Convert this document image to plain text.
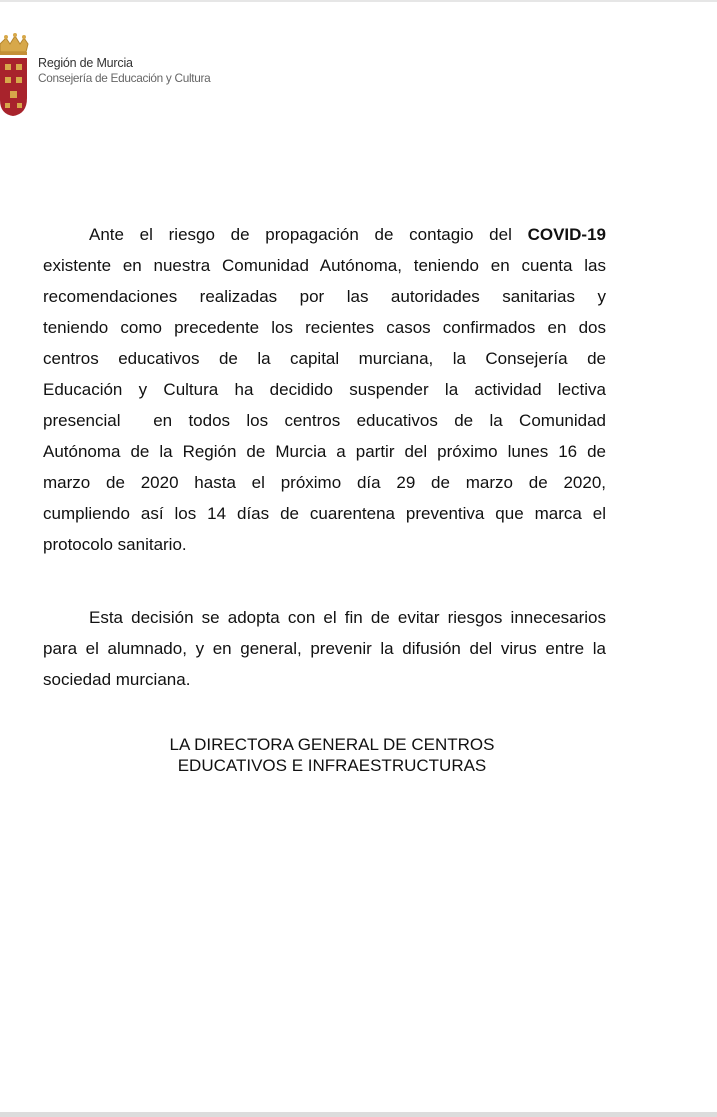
Región de Murcia
Consejería de Educación y Cultura
Ante el riesgo de propagación de contagio del COVID-19
existente en nuestra Comunidad Autónoma, teniendo en cuenta las
recomendaciones realizadas por las autoridades sanitarias y
teniendo como precedente los recientes casos confirmados en dos
centros educativos de la capital murciana, la Consejería de
Educación y Cultura ha decidido suspender la actividad lectiva
presencial  en todos los centros educativos de la Comunidad
Autónoma de la Región de Murcia a partir del próximo lunes 16 de
marzo de 2020 hasta el próximo día 29 de marzo de 2020,
cumpliendo así los 14 días de cuarentena preventiva que marca el
protocolo sanitario.
Esta decisión se adopta con el fin de evitar riesgos innecesarios
para el alumnado, y en general, prevenir la difusión del virus entre la
sociedad murciana.
LA DIRECTORA GENERAL DE CENTROS
EDUCATIVOS E INFRAESTRUCTURAS
